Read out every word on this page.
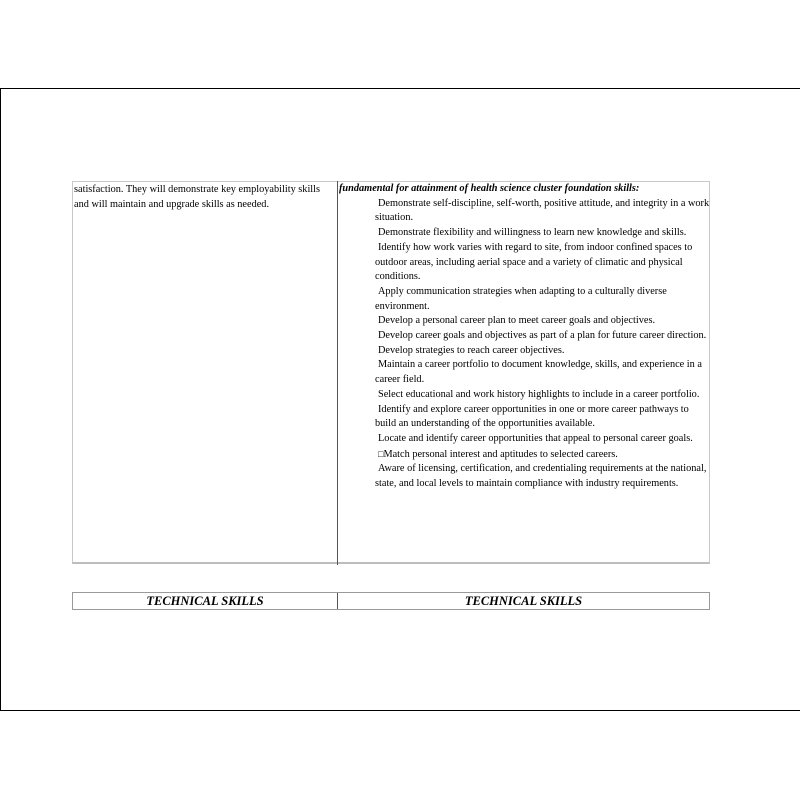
satisfaction. They will demonstrate key employability skills and will maintain and upgrade skills as needed.

fundamental for attainment of health science cluster foundation skills:

Demonstrate self-discipline, self-worth, positive attitude, and integrity in a work situation.
Demonstrate flexibility and willingness to learn new knowledge and skills.
Identify how work varies with regard to site, from indoor confined spaces to outdoor areas, including aerial space and a variety of climatic and physical conditions.
Apply communication strategies when adapting to a culturally diverse environment.
Develop a personal career plan to meet career goals and objectives.
Develop career goals and objectives as part of a plan for future career direction.
Develop strategies to reach career objectives.
Maintain a career portfolio to document knowledge, skills, and experience in a career field.
Select educational and work history highlights to include in a career portfolio.
Identify and explore career opportunities in one or more career pathways to build an understanding of the opportunities available.
Locate and identify career opportunities that appeal to personal career goals.
□Match personal interest and aptitudes to selected careers.
Aware of licensing, certification, and credentialing requirements at the national, state, and local levels to maintain compliance with industry requirements.
TECHNICAL SKILLS	TECHNICAL SKILLS
